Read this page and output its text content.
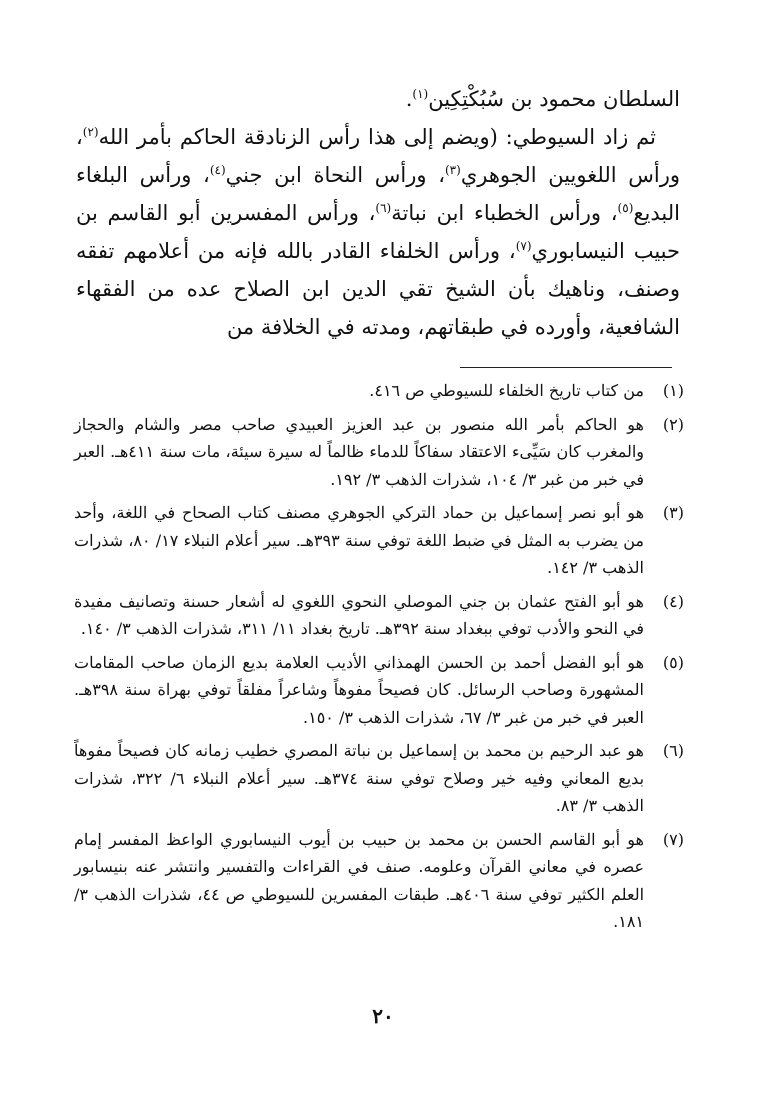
السلطان محمود بن سُبُكْتِكِين$^{(١)}$.

ثم زاد السيوطي: (ويضم إلى هذا رأس الزنادقة الحاكم بأمر الله$^{(٢)}$، ورأس اللغويين الجوهري$^{(٣)}$، ورأس النحاة ابن جني$^{(٤)}$، ورأس البلغاء البديع$^{(٥)}$، ورأس الخطباء ابن نباتة$^{(٦)}$، ورأس المفسرين أبو القاسم بن حبيب النيسابوري$^{(٧)}$، ورأس الخلفاء القادر بالله فإنه من أعلامهم تفقه وصنف، وناهيك بأن الشيخ تقي الدين ابن الصلاح عده من الفقهاء الشافعية، وأورده في طبقاتهم، ومدته في الخلافة من

(١)
من كتاب تاريخ الخلفاء للسيوطي ص ٤١٦.
(٢)
هو الحاكم بأمر الله منصور بن عبد العزيز العبيدي صاحب مصر والشام والحجاز والمغرب كان سَيِّىء الاعتقاد سفاكاً للدماء ظالماً له سيرة سيئة، مات سنة ٤١١هـ. العبر في خبر من غبر ٣/ ١٠٤، شذرات الذهب ٣/ ١٩٢.
(٣)
هو أبو نصر إسماعيل بن حماد التركي الجوهري مصنف كتاب الصحاح في اللغة، وأحد من يضرب به المثل في ضبط اللغة توفي سنة ٣٩٣هـ. سير أعلام النبلاء ١٧/ ٨٠، شذرات الذهب ٣/ ١٤٢.
(٤)
هو أبو الفتح عثمان بن جني الموصلي النحوي اللغوي له أشعار حسنة وتصانيف مفيدة في النحو والأدب توفي ببغداد سنة ٣٩٢هـ. تاريخ بغداد ١١/ ٣١١، شذرات الذهب ٣/ ١٤٠.
(٥)
هو أبو الفضل أحمد بن الحسن الهمذاني الأديب العلامة بديع الزمان صاحب المقامات المشهورة وصاحب الرسائل. كان فصيحاً مفوهاً وشاعراً مفلقاً توفي بهراة سنة ٣٩٨هـ. العبر في خبر من غبر ٣/ ٦٧، شذرات الذهب ٣/ ١٥٠.
(٦)
هو عبد الرحيم بن محمد بن إسماعيل بن نباتة المصري خطيب زمانه كان فصيحاً مفوهاً بديع المعاني وفيه خير وصلاح توفي سنة ٣٧٤هـ. سير أعلام النبلاء ٦/ ٣٢٢، شذرات الذهب ٣/ ٨٣.
(٧)
هو أبو القاسم الحسن بن محمد بن حبيب بن أيوب النيسابوري الواعظ المفسر إمام عصره في معاني القرآن وعلومه. صنف في القراءات والتفسير وانتشر عنه بنيسابور العلم الكثير توفي سنة ٤٠٦هـ. طبقات المفسرين للسيوطي ص ٤٤، شذرات الذهب ٣/ ١٨١.
٢٠
